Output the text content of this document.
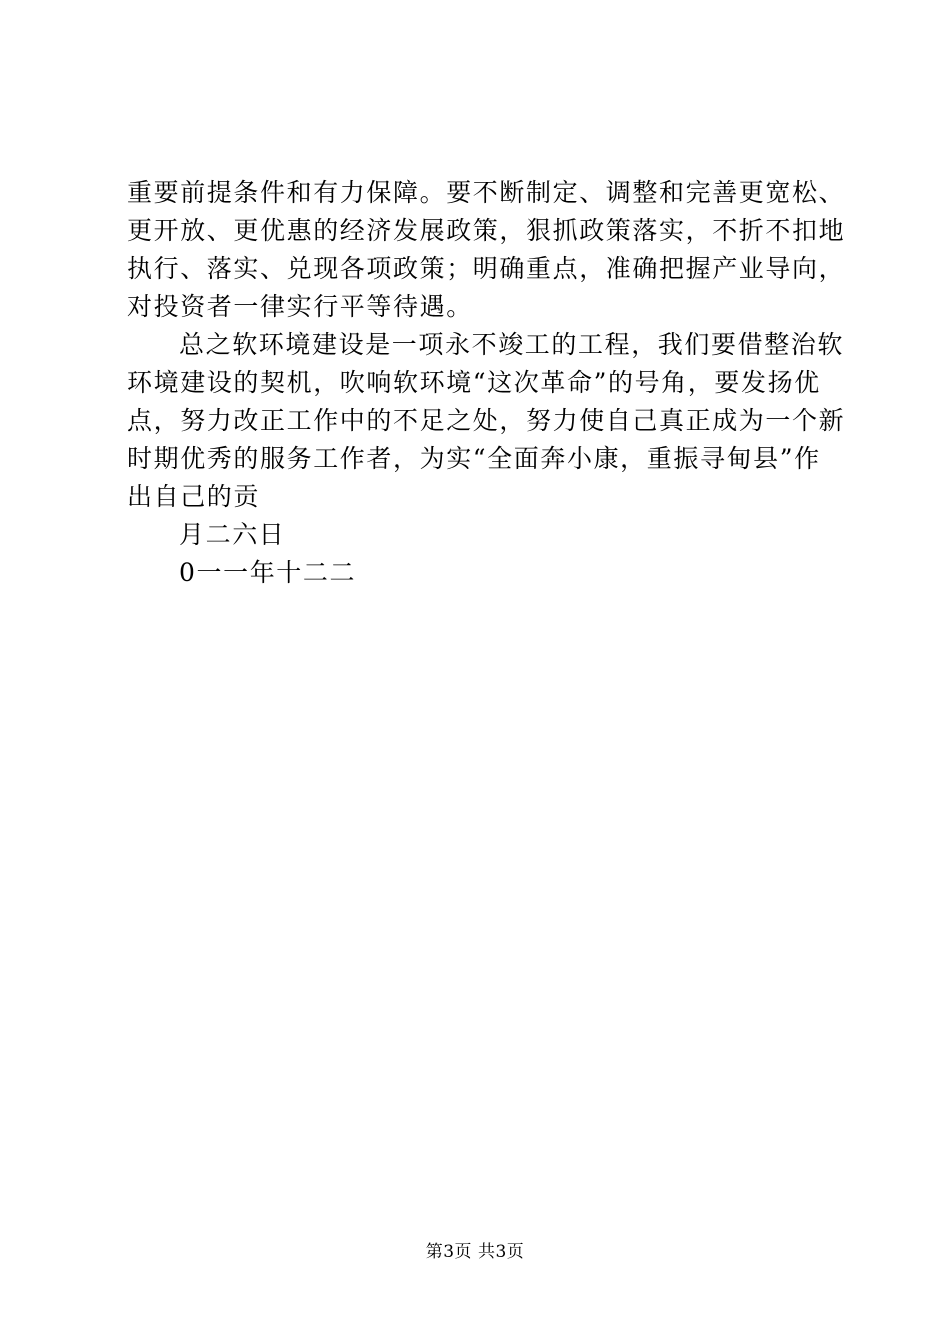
重要前提条件和有力保障。要不断制定、调整和完善更宽松、
更开放、更优惠的经济发展政策，狠抓政策落实，不折不扣地
执行、落实、兑现各项政策；明确重点，准确把握产业导向，
对投资者一律实行平等待遇。
总之软环境建设是一项永不竣工的工程，我们要借整治软
环境建设的契机，吹响软环境“这次革命”的号角，要发扬优
点，努力改正工作中的不足之处，努力使自己真正成为一个新
时期优秀的服务工作者，为实“全面奔小康，重振寻甸县”作
出自己的贡
月二六日
0一一年十二二
第3页 共3页
